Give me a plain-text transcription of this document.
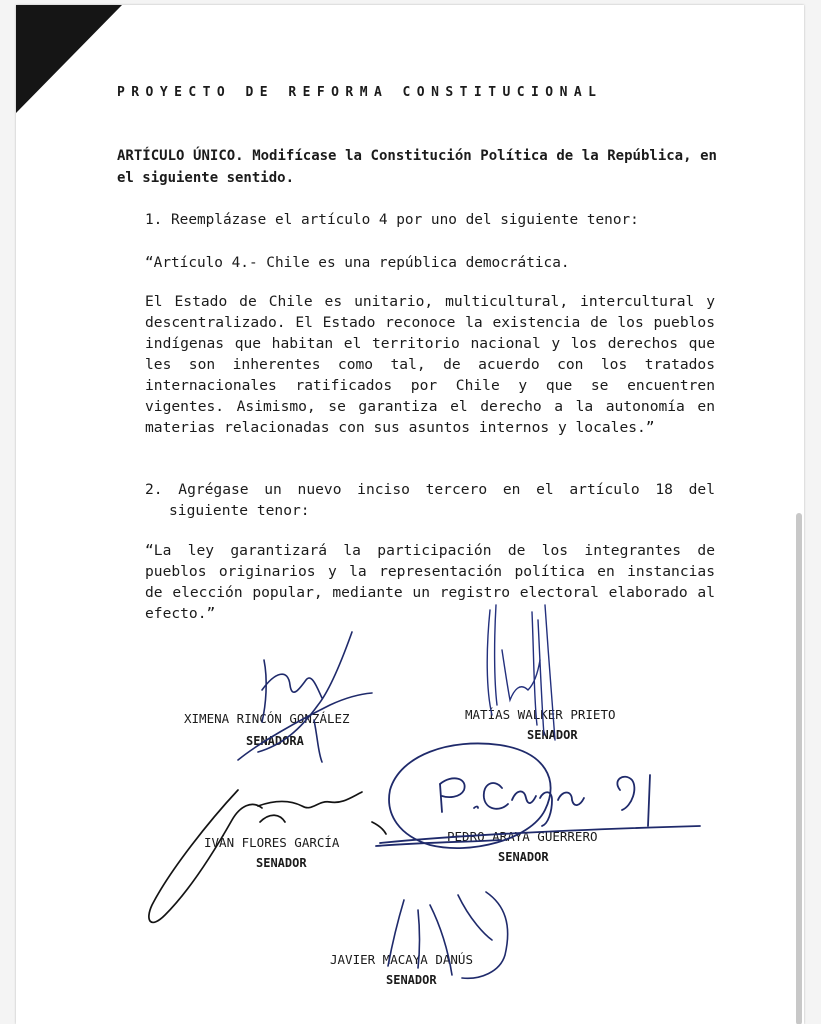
PROYECTO DE REFORMA CONSTITUCIONAL
ARTÍCULO ÚNICO. Modifícase la Constitución Política de la República, en el siguiente sentido.
1. Reemplázase el artículo 4 por uno del siguiente tenor:
“Artículo 4.- Chile es una república democrática.
El Estado de Chile es unitario, multicultural, intercultural y descentralizado. El Estado reconoce la existencia de los pueblos indígenas que habitan el territorio nacional y los derechos que les son inherentes como tal, de acuerdo con los tratados internacionales ratificados por Chile y que se encuentren vigentes. Asimismo, se garantiza el derecho a la autonomía en materias relacionadas con sus asuntos internos y locales.”
2. Agrégase un nuevo inciso tercero en el artículo 18 del siguiente tenor:
“La ley garantizará la participación de los integrantes de pueblos originarios y la representación política en instancias de elección popular, mediante un registro electoral elaborado al efecto.”
XIMENA RINCÓN GONZÁLEZ
SENADORA
MATÍAS WALKER PRIETO
SENADOR
IVÁN FLORES GARCÍA
SENADOR
PEDRO ARAYA GUERRERO
SENADOR
JAVIER MACAYA DANÚS
SENADOR
